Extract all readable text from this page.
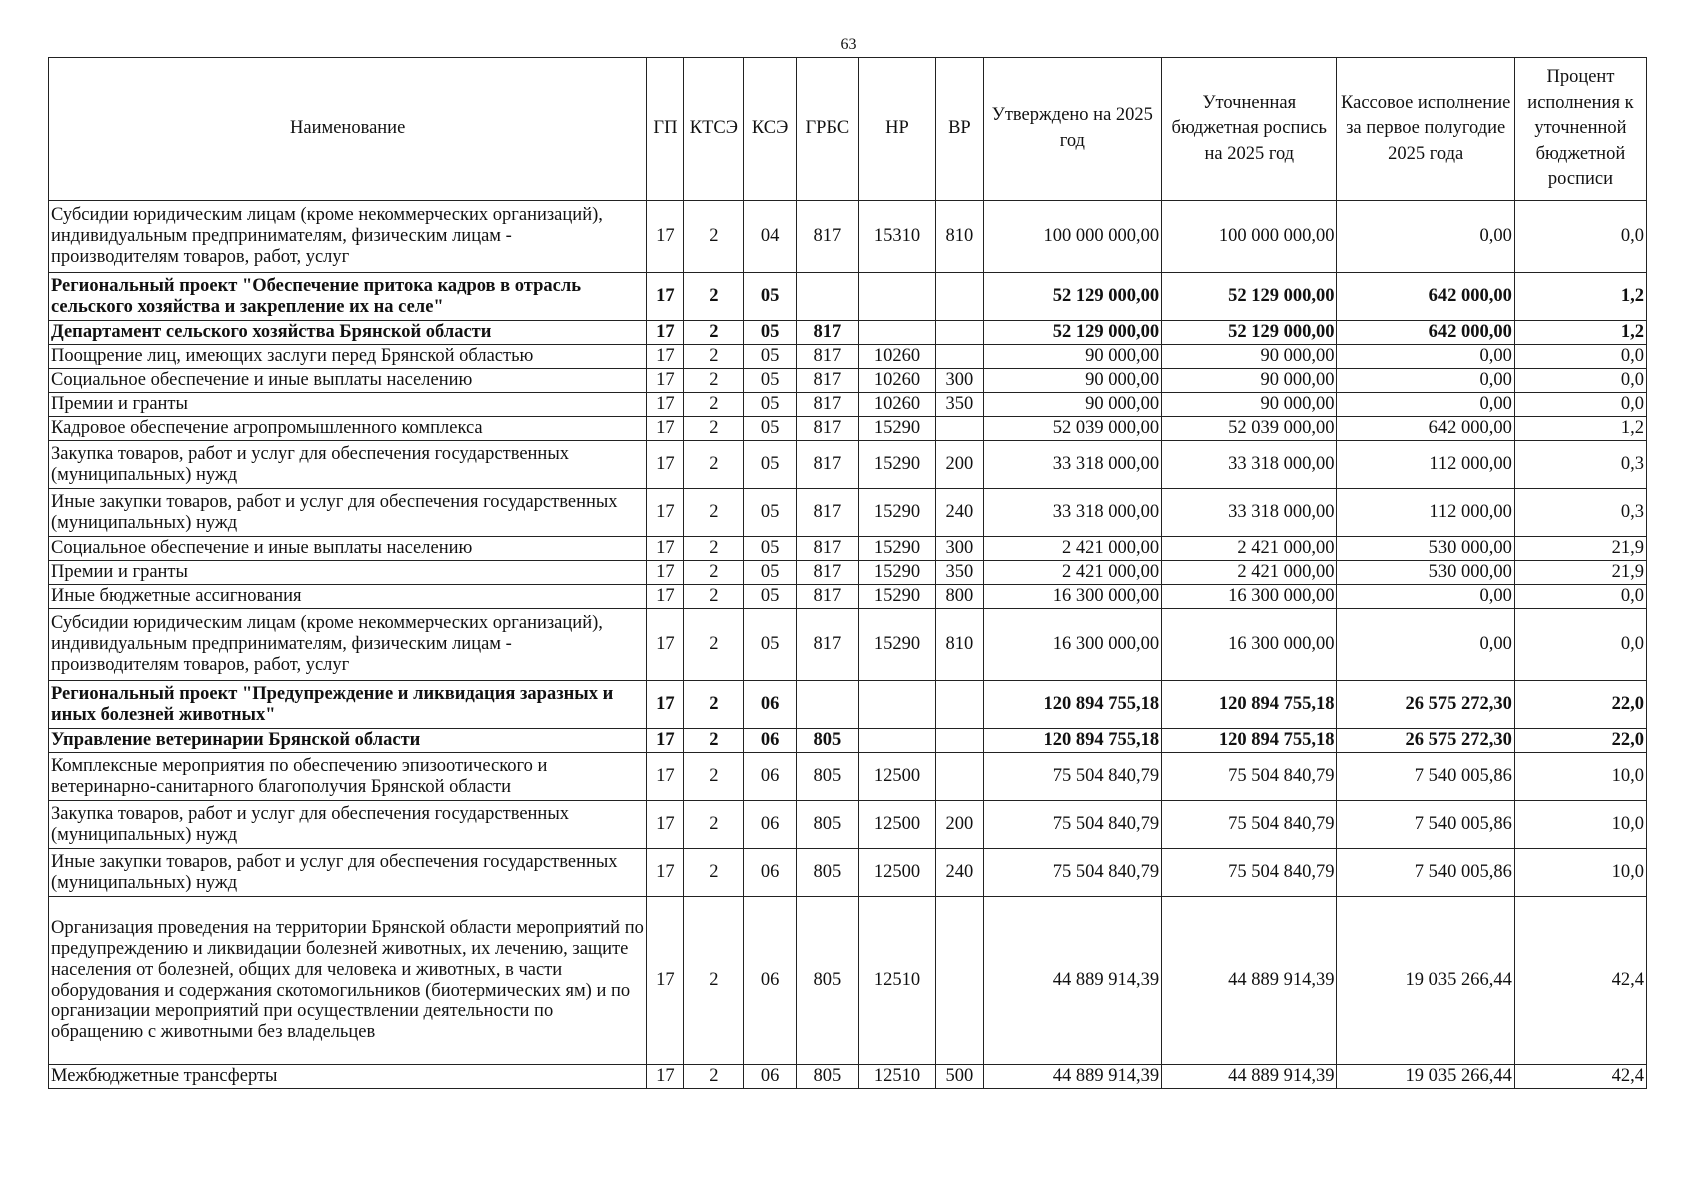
63
Наименование	ГП	КТСЭ	КСЭ	ГРБС	НР	ВР	Утверждено на 2025 год	Уточненная бюджетная роспись на 2025 год	Кассовое исполнение за первое полугодие 2025 года	Процент исполнения к уточненной бюджетной росписи
Субсидии юридическим лицам (кроме некоммерческих организаций), индивидуальным предпринимателям, физическим лицам - производителям товаров, работ, услуг	17	2	04	817	15310	810	100 000 000,00	100 000 000,00	0,00	0,0
Региональный проект "Обеспечение притока кадров в отрасль сельского хозяйства и закрепление их на селе"	17	2	05				52 129 000,00	52 129 000,00	642 000,00	1,2
Департамент сельского хозяйства Брянской области	17	2	05	817			52 129 000,00	52 129 000,00	642 000,00	1,2
Поощрение лиц, имеющих заслуги перед Брянской областью	17	2	05	817	10260		90 000,00	90 000,00	0,00	0,0
Социальное обеспечение и иные выплаты населению	17	2	05	817	10260	300	90 000,00	90 000,00	0,00	0,0
Премии и гранты	17	2	05	817	10260	350	90 000,00	90 000,00	0,00	0,0
Кадровое обеспечение агропромышленного комплекса	17	2	05	817	15290		52 039 000,00	52 039 000,00	642 000,00	1,2
Закупка товаров, работ и услуг для обеспечения государственных (муниципальных) нужд	17	2	05	817	15290	200	33 318 000,00	33 318 000,00	112 000,00	0,3
Иные закупки товаров, работ и услуг для обеспечения государственных (муниципальных) нужд	17	2	05	817	15290	240	33 318 000,00	33 318 000,00	112 000,00	0,3
Социальное обеспечение и иные выплаты населению	17	2	05	817	15290	300	2 421 000,00	2 421 000,00	530 000,00	21,9
Премии и гранты	17	2	05	817	15290	350	2 421 000,00	2 421 000,00	530 000,00	21,9
Иные бюджетные ассигнования	17	2	05	817	15290	800	16 300 000,00	16 300 000,00	0,00	0,0
Субсидии юридическим лицам (кроме некоммерческих организаций), индивидуальным предпринимателям, физическим лицам - производителям товаров, работ, услуг	17	2	05	817	15290	810	16 300 000,00	16 300 000,00	0,00	0,0
Региональный проект "Предупреждение и ликвидация заразных и иных болезней животных"	17	2	06				120 894 755,18	120 894 755,18	26 575 272,30	22,0
Управление ветеринарии Брянской области	17	2	06	805			120 894 755,18	120 894 755,18	26 575 272,30	22,0
Комплексные мероприятия по обеспечению эпизоотического и ветеринарно-санитарного благополучия Брянской области	17	2	06	805	12500		75 504 840,79	75 504 840,79	7 540 005,86	10,0
Закупка товаров, работ и услуг для обеспечения государственных (муниципальных) нужд	17	2	06	805	12500	200	75 504 840,79	75 504 840,79	7 540 005,86	10,0
Иные закупки товаров, работ и услуг для обеспечения государственных (муниципальных) нужд	17	2	06	805	12500	240	75 504 840,79	75 504 840,79	7 540 005,86	10,0
Организация проведения на территории Брянской области мероприятий по предупреждению и ликвидации болезней животных, их лечению, защите населения от болезней, общих для человека и животных, в части оборудования и содержания скотомогильников (биотермических ям) и по организации мероприятий при осуществлении деятельности по обращению с животными без владельцев	17	2	06	805	12510		44 889 914,39	44 889 914,39	19 035 266,44	42,4
Межбюджетные трансферты	17	2	06	805	12510	500	44 889 914,39	44 889 914,39	19 035 266,44	42,4
